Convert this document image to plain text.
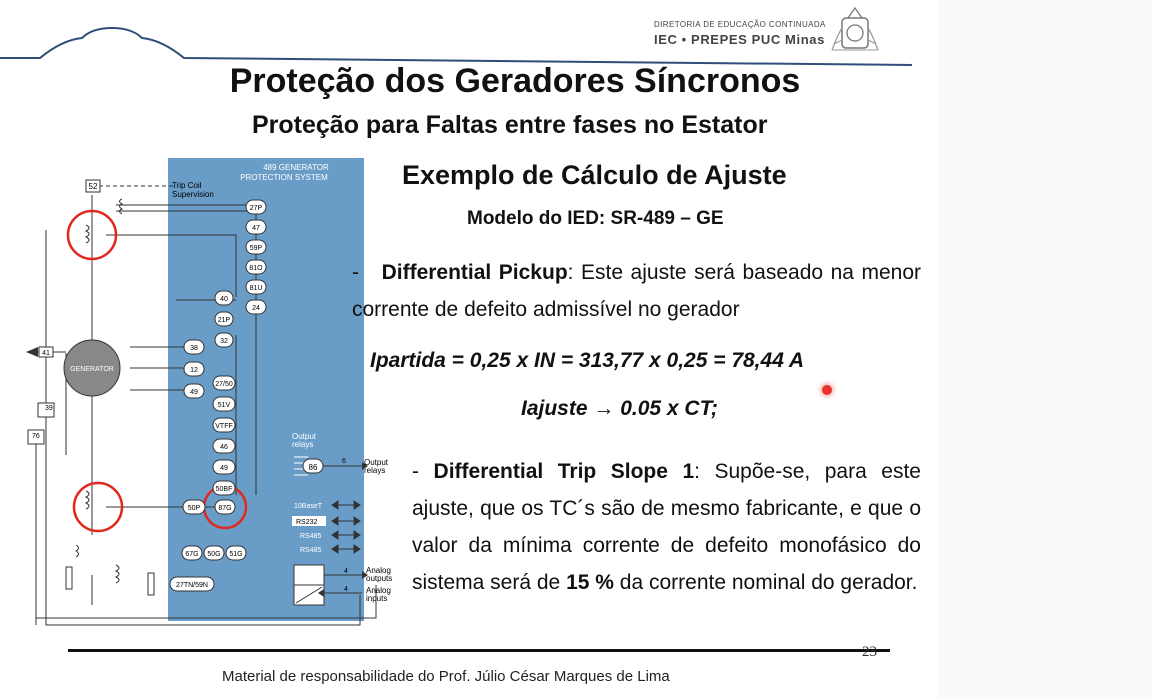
DIRETORIA DE EDUCAÇÃO CONTINUADA
IEC • PREPES PUC Minas
Proteção dos Geradores Síncronos
Proteção para Faltas entre fases no Estator
489 GENERATOR
PROTECTION SYSTEM
52	Trip Coil
Supervision
GENERATOR
41
39
76
27P
47
59P
81O
81U
24
40
21P
32
38
12
49
27/50
51V
VTFF
46
49
50BF
50P	87G
67G 50G 51G
27TN/59N
Output
relays
86
6 Output
relays
10BaseT
RS232
RS485
RS485
4
4
Analog
outputs
Analog
inputs
Exemplo de Cálculo de Ajuste
Modelo do IED: SR-489 – GE
- Differential Pickup: Este ajuste será baseado na menor corrente de defeito admissível no gerador
Ipartida = 0,25 x IN = 313,77 x 0,25 = 78,44 A
Iajuste → 0.05 x CT;
- Differential Trip Slope 1: Supõe-se, para este ajuste, que os TC´s são de mesmo fabricante, e que o valor da mínima corrente de defeito monofásico do sistema será de 15 % da corrente nominal do gerador.
23
Material de responsabilidade do Prof. Júlio César Marques de Lima
